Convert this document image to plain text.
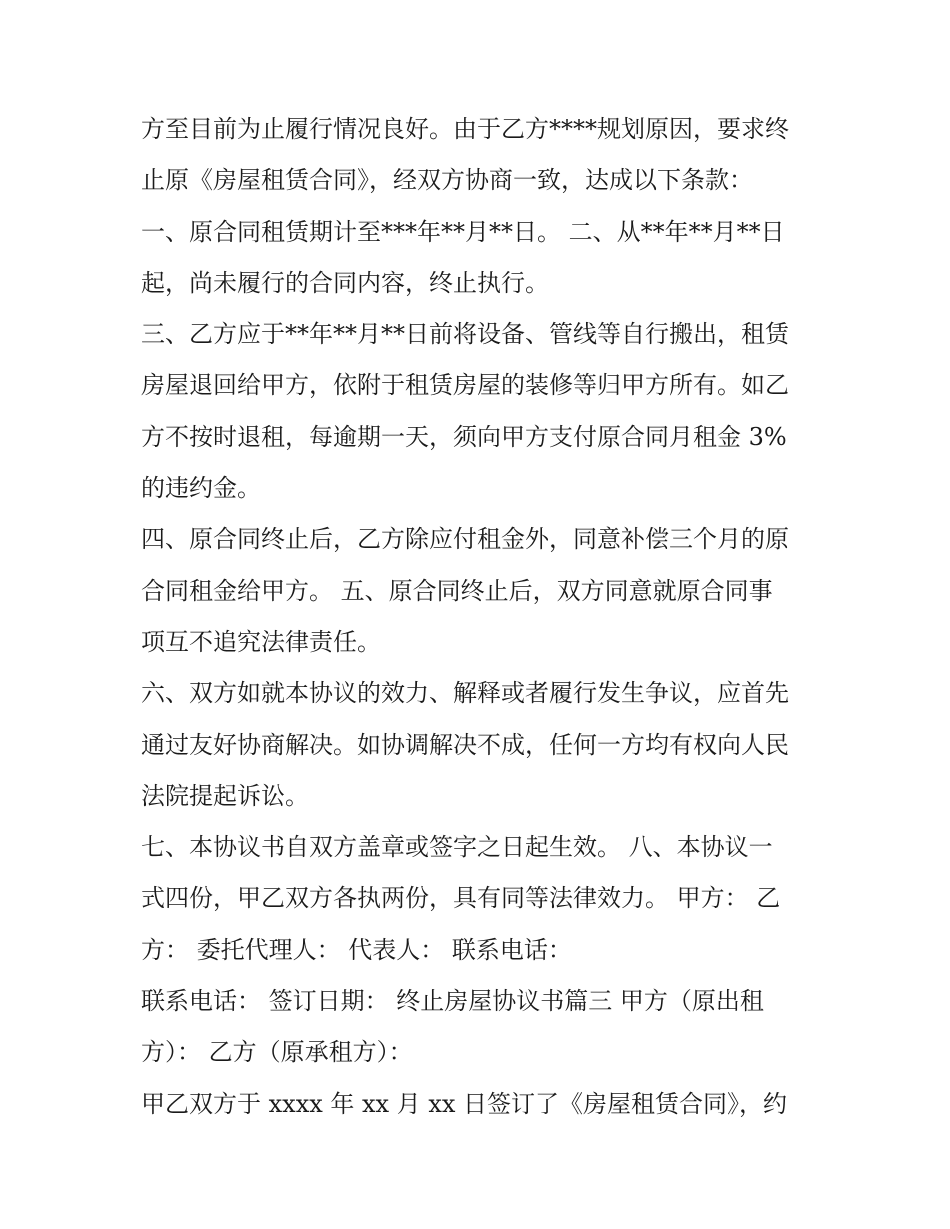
方至目前为止履行情况良好。由于乙方****规划原因，要求终
止原《房屋租赁合同》，经双方协商一致，达成以下条款：
一、原合同租赁期计至***年**月**日。 二、从**年**月**日
起，尚未履行的合同内容，终止执行。
三、乙方应于**年**月**日前将设备、管线等自行搬出，租赁
房屋退回给甲方，依附于租赁房屋的装修等归甲方所有。如乙
方不按时退租，每逾期一天，须向甲方支付原合同月租金 3%
的违约金。
四、原合同终止后，乙方除应付租金外，同意补偿三个月的原
合同租金给甲方。 五、原合同终止后，双方同意就原合同事
项互不追究法律责任。
六、双方如就本协议的效力、解释或者履行发生争议，应首先
通过友好协商解决。如协调解决不成，任何一方均有权向人民
法院提起诉讼。
七、本协议书自双方盖章或签字之日起生效。 八、本协议一
式四份，甲乙双方各执两份，具有同等法律效力。 甲方： 乙
方： 委托代理人： 代表人： 联系电话：
联系电话： 签订日期： 终止房屋协议书篇三 甲方（原出租
方）： 乙方（原承租方）：
甲乙双方于 xxxx 年 xx 月 xx 日签订了《房屋租赁合同》，约
